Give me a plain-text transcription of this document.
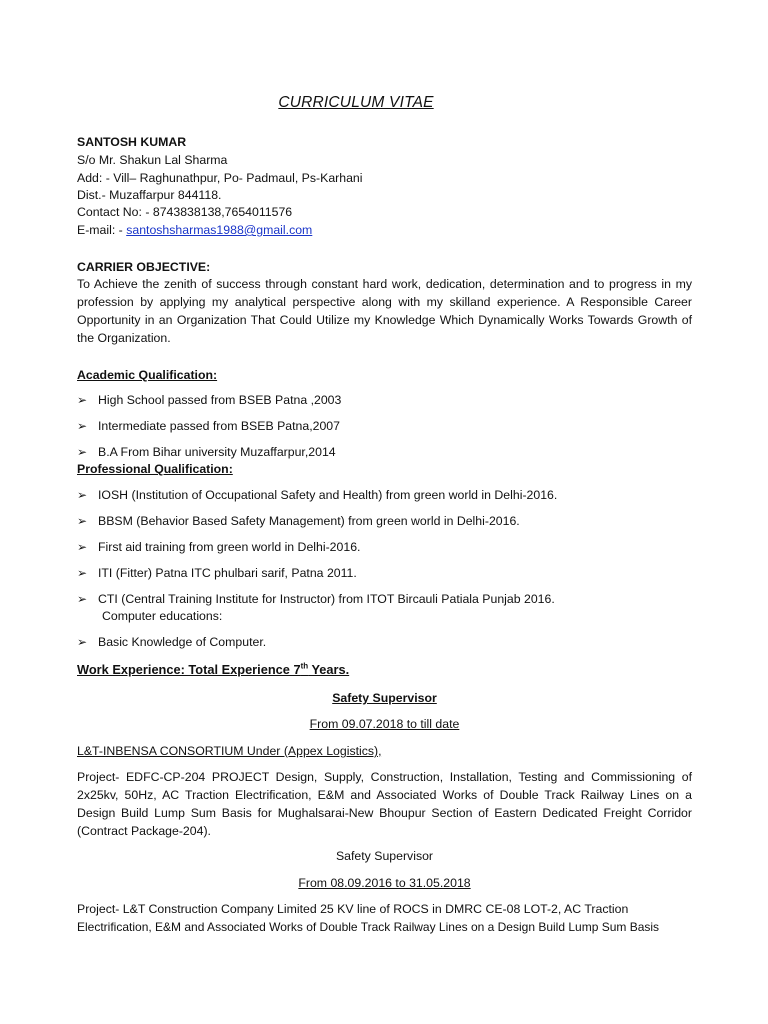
CURRICULUM VITAE
SANTOSH KUMAR
S/o Mr. Shakun Lal Sharma
Add: - Vill– Raghunathpur, Po- Padmaul, Ps-Karhani
Dist.- Muzaffarpur 844118.
Contact No: - 8743838138,7654011576
E-mail: - santoshsharmas1988@gmail.com
CARRIER OBJECTIVE:
To Achieve the zenith of success through constant hard work, dedication, determination and to progress in my profession by applying my analytical perspective along with my skilland experience. A Responsible Career Opportunity in an Organization That Could Utilize my Knowledge Which Dynamically Works Towards Growth of the Organization.
Academic Qualification:
➢ High School passed from BSEB Patna ,2003
➢ Intermediate passed from BSEB Patna,2007
➢ B.A From Bihar university Muzaffarpur,2014
Professional Qualification:
➢ IOSH (Institution of Occupational Safety and Health) from green world in Delhi-2016.
➢ BBSM (Behavior Based Safety Management) from green world in Delhi-2016.
➢ First aid training from green world in Delhi-2016.
➢ ITI (Fitter) Patna ITC phulbari sarif, Patna 2011.
➢ CTI (Central Training Institute for Instructor) from ITOT Bircauli Patiala Punjab 2016.
Computer educations:
➢ Basic Knowledge of Computer.
Work Experience: Total Experience 7th Years.
Safety Supervisor
From 09.07.2018 to till date
L&T-INBENSA CONSORTIUM Under (Appex Logistics),
Project- EDFC-CP-204 PROJECT Design, Supply, Construction, Installation, Testing and Commissioning of 2x25kv, 50Hz, AC Traction Electrification, E&M and Associated Works of Double Track Railway Lines on a Design Build Lump Sum Basis for Mughalsarai-New Bhoupur Section of Eastern Dedicated Freight Corridor (Contract Package-204).
Safety Supervisor
From 08.09.2016 to 31.05.2018
Project- L&T Construction Company Limited 25 KV line of ROCS in DMRC CE-08 LOT-2, AC Traction
Electrification, E&M and Associated Works of Double Track Railway Lines on a Design Build Lump Sum Basis
